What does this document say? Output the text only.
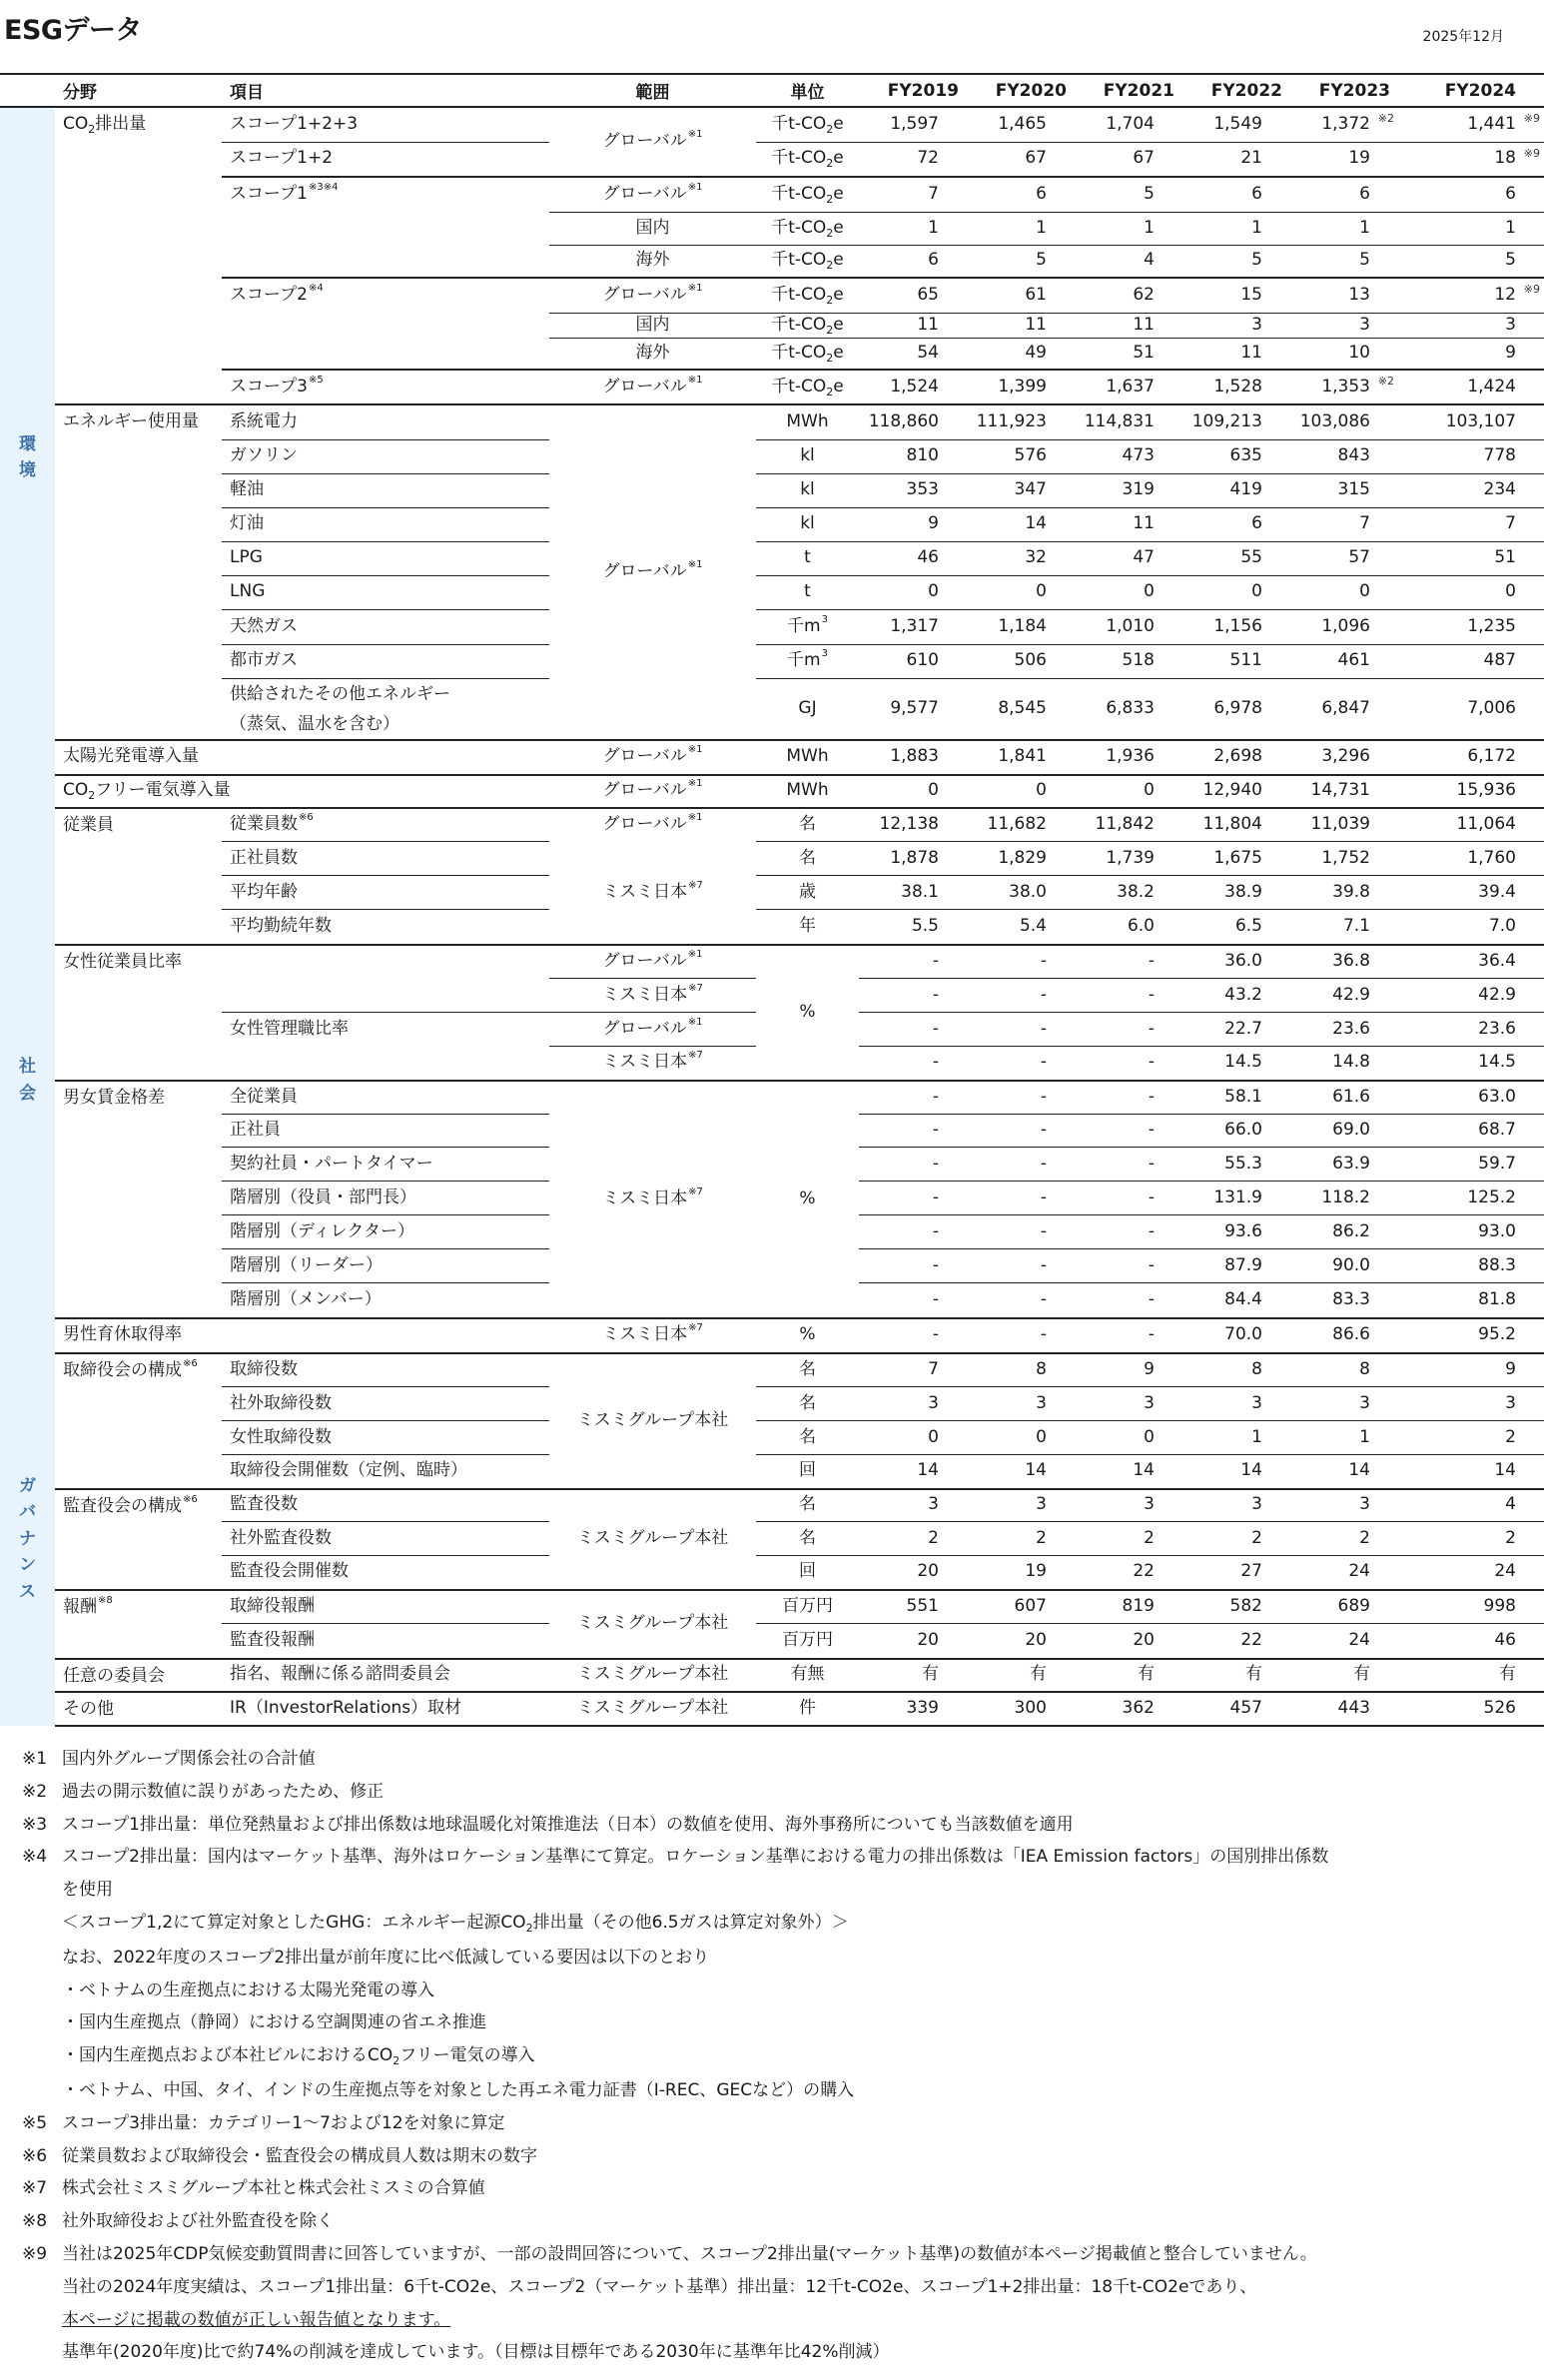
ESGデータ	2025年12月
	分野	項目	範囲	単位	FY2019	FY2020	FY2021	FY2022	FY2023	FY2024

環
境	$CO_2$排出量	スコープ1+2+3	グローバル$^{※1}$	千$t-CO_2e$	1,597	1,465	1,704	1,549	1,372 ※2	1,441 ※9

		スコープ1+2		千$t-CO_2e$	72	67	67	21	19	18 ※9

		スコープ$1^{※3※4}$	グローバル$^{※1}$	千$t-CO_2e$	7	6	5	6	6	6
			国内	千$t-CO_2e$	1	1	1	1	1	1
			海外	千$t-CO_2e$	6	5	4	5	5	5
		スコープ2$^{※4}$	グローバル$^{※1}$	千$t-CO_2e$	65	61	62	15	13	12 ※9

			国内	千$t-CO_2e$	11	11	11	3	3	3
			海外	千$t-CO_2e$	54	49	51	11	10	9
		スコープ3$^{※5}$	グローバル$^{※1}$	千$t-CO_2e$	1,524	1,399	1,637	1,528	1,353 ※2	1,424
	エネルギー使用量	系統電力	グローバル$^{※1}$	MWh	118,860	111,923	114,831	109,213	103,086	103,107
		ガソリン		kl	810	576	473	635	843	778
		軽油		kl	353	347	319	419	315	234
		灯油		kl	9	14	11	6	7	7
		LPG		t	46	32	47	55	57	51
		LNG		t	0	0	0	0	0	0
		天然ガス		千$m^3$	1,317	1,184	1,010	1,156	1,096	1,235
		都市ガス		千$m^3$	610	506	518	511	461	487
		供給されたその他エネルギー
（蒸気、温水を含む）		GJ	9,577	8,545	6,833	6,978	6,847	7,006
	太陽光発電導入量		グローバル$^{※1}$	MWh	1,883	1,841	1,936	2,698	3,296	6,172
	$CO_2$フリー電気導入量		グローバル$^{※1}$	MWh	0	0	0	12,940	14,731	15,936

社
会	従業員	従業員数$^{※6}$	グローバル$^{※1}$	名	12,138	11,682	11,842	11,804	11,039	11,064
		正社員数	ミスミ日本$^{※7}$	名	1,878	1,829	1,739	1,675	1,752	1,760
		平均年齢		歳	38.1	38.0	38.2	38.9	39.8	39.4
		平均勤続年数		年	5.5	5.4	6.0	6.5	7.1	7.0
	女性従業員比率		グローバル$^{※1}$	%	-	-	-	36.0	36.8	36.4
			ミスミ日本$^{※7}$		-	-	-	43.2	42.9	42.9
		女性管理職比率	グローバル$^{※1}$		-	-	-	22.7	23.6	23.6
			ミスミ日本$^{※7}$		-	-	-	14.5	14.8	14.5
	男女賃金格差	全従業員	ミスミ日本$^{※7}$	%	-	-	-	58.1	61.6	63.0
		正社員			-	-	-	66.0	69.0	68.7
		契約社員・パートタイマー			-	-	-	55.3	63.9	59.7
		階層別（役員・部門長）			-	-	-	131.9	118.2	125.2
		階層別（ディレクター）			-	-	-	93.6	86.2	93.0
		階層別（リーダー）			-	-	-	87.9	90.0	88.3
		階層別（メンバー）			-	-	-	84.4	83.3	81.8
	男性育休取得率		ミスミ日本$^{※7}$	%	-	-	-	70.0	86.6	95.2

ガ
バ
ナ
ン
ス	取締役会の構成$^{※6}$	取締役数	ミスミグループ本社	名	7	8	9	8	8	9
		社外取締役数		名	3	3	3	3	3	3
		女性取締役数		名	0	0	0	1	1	2
		取締役会開催数（定例、臨時）		回	14	14	14	14	14	14
	監査役会の構成$^{※6}$	監査役数	ミスミグループ本社	名	3	3	3	3	3	4
		社外監査役数		名	2	2	2	2	2	2
		監査役会開催数		回	20	19	22	27	24	24
	報酬$^{※8}$	取締役報酬	ミスミグループ本社	百万円	551	607	819	582	689	998
		監査役報酬		百万円	20	20	20	22	24	46
	任意の委員会	指名、報酬に係る諮問委員会	ミスミグループ本社	有無	有	有	有	有	有	有
	その他	IR（InvestorRelations）取材	ミスミグループ本社	件	339	300	362	457	443	526
※1 国内外グループ関係会社の合計値
※2 過去の開示数値に誤りがあったため、修正
※3 スコープ1排出量：単位発熱量および排出係数は地球温暖化対策推進法（日本）の数値を使用、海外事務所についても当該数値を適用
※4 スコープ2排出量：国内はマーケット基準、海外はロケーション基準にて算定。ロケーション基準における電力の排出係数は「IEA Emission factors」の国別排出係数
を使用
＜スコープ1,2にて算定対象としたGHG：エネルギー起源$CO_2$排出量（その他6.5ガスは算定対象外）＞
なお、2022年度のスコープ2排出量が前年度に比べ低減している要因は以下のとおり
・ベトナムの生産拠点における太陽光発電の導入
・国内生産拠点（静岡）における空調関連の省エネ推進
・国内生産拠点および本社ビルにおける$CO_2$フリー電気の導入
・ベトナム、中国、タイ、インドの生産拠点等を対象とした再エネ電力証書（I-REC、GECなど）の購入
※5 スコープ3排出量：カテゴリー1〜7および12を対象に算定
※6 従業員数および取締役会・監査役会の構成員人数は期末の数字
※7 株式会社ミスミグループ本社と株式会社ミスミの合算値
※8 社外取締役および社外監査役を除く
※9 当社は2025年CDP気候変動質問書に回答していますが、一部の設問回答について、スコープ2排出量(マーケット基準)の数値が本ページ掲載値と整合していません。
当社の2024年度実績は、スコープ1排出量：6千t-CO2e、スコープ2（マーケット基準）排出量：12千t-CO2e、スコープ1+2排出量：18千t-CO2eであり、
本ページに掲載の数値が正しい報告値となります。
基準年(2020年度)比で約74%の削減を達成しています。（目標は目標年である2030年に基準年比42%削減）
